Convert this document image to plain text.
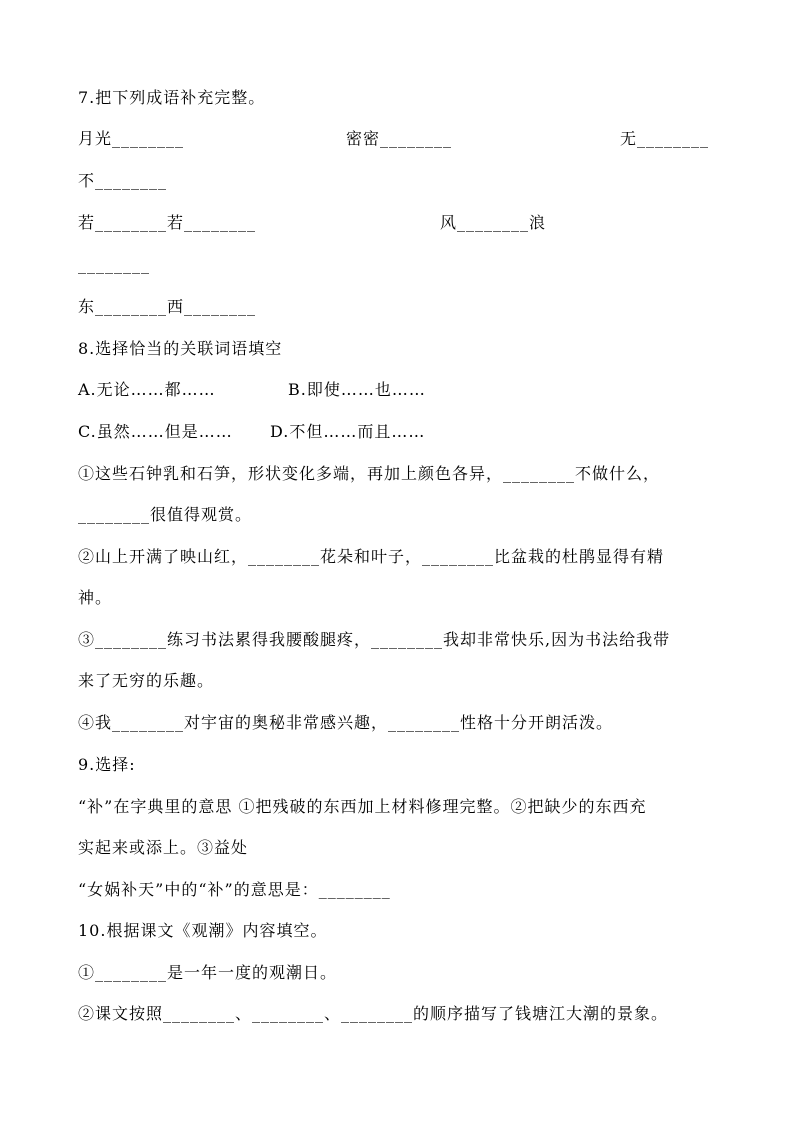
7.把下列成语补充完整。
月光________	密密________	无________
不________
若________若________	风________浪
________
东________西________
8.选择恰当的关联词语填空
A.无论……都……	B.即使……也……
C.虽然……但是…… D.不但……而且……
①这些石钟乳和石笋，形状变化多端，再加上颜色各异，________不做什么，
________很值得观赏。
②山上开满了映山红，________花朵和叶子，________比盆栽的杜鹃显得有精
神。
③________练习书法累得我腰酸腿疼，________我却非常快乐,因为书法给我带
来了无穷的乐趣。
④我________对宇宙的奥秘非常感兴趣，________性格十分开朗活泼。
9.选择:
“补”在字典里的意思 ①把残破的东西加上材料修理完整。②把缺少的东西充
实起来或添上。③益处
“女娲补天”中的“补”的意思是：________
10.根据课文《观潮》内容填空。
①________是一年一度的观潮日。
②课文按照________、________、________的顺序描写了钱塘江大潮的景象。
